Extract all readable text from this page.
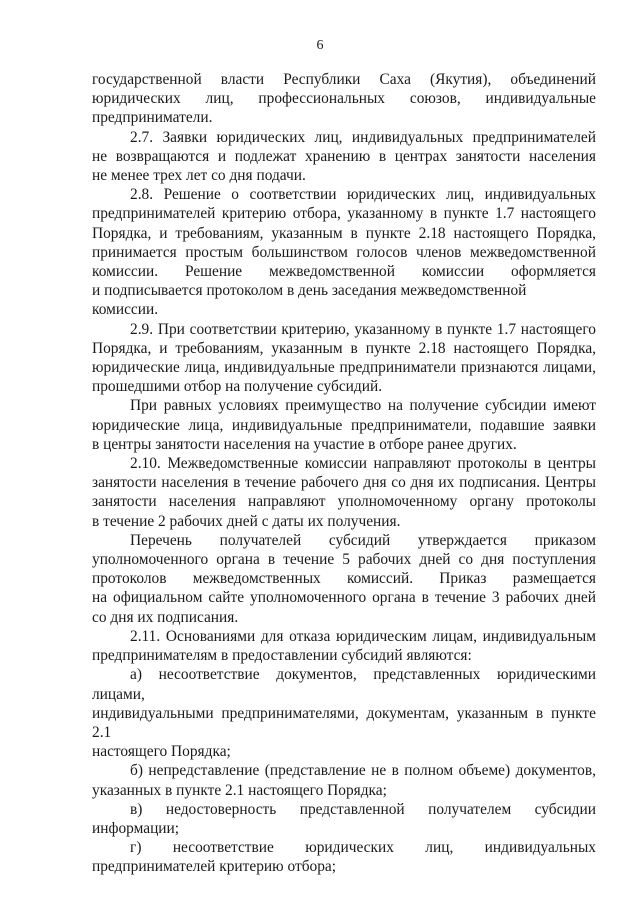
6

государственной власти Республики Саха (Якутия), объединений
юридических лиц, профессиональных союзов, индивидуальные
предприниматели.

2.7. Заявки юридических лиц, индивидуальных предпринимателей
не возвращаются и подлежат хранению в центрах занятости населения
не менее трех лет со дня подачи.

2.8. Решение о соответствии юридических лиц, индивидуальных
предпринимателей критерию отбора, указанному в пункте 1.7 настоящего
Порядка, и требованиям, указанным в пункте 2.18 настоящего Порядка,
принимается простым большинством голосов членов межведомственной
комиссии. Решение межведомственной комиссии оформляется
и подписывается протоколом в день заседания межведомственной комиссии.

2.9. При соответствии критерию, указанному в пункте 1.7 настоящего
Порядка, и требованиям, указанным в пункте 2.18 настоящего Порядка,
юридические лица, индивидуальные предприниматели признаются лицами,
прошедшими отбор на получение субсидий.

При равных условиях преимущество на получение субсидии имеют
юридические лица, индивидуальные предприниматели, подавшие заявки
в центры занятости населения на участие в отборе ранее других.

2.10. Межведомственные комиссии направляют протоколы в центры
занятости населения в течение рабочего дня со дня их подписания. Центры
занятости населения направляют уполномоченному органу протоколы
в течение 2 рабочих дней с даты их получения.

Перечень получателей субсидий утверждается приказом
уполномоченного органа в течение 5 рабочих дней со дня поступления
протоколов межведомственных комиссий. Приказ размещается
на официальном сайте уполномоченного органа в течение 3 рабочих дней
со дня их подписания.

2.11. Основаниями для отказа юридическим лицам, индивидуальным
предпринимателям в предоставлении субсидий являются:

а) несоответствие документов, представленных юридическими лицами,
индивидуальными предпринимателями, документам, указанным в пункте 2.1
настоящего Порядка;

б) непредставление (представление не в полном объеме) документов,
указанных в пункте 2.1 настоящего Порядка;

в) недостоверность представленной получателем субсидии
информации;

г) несоответствие юридических лиц, индивидуальных
предпринимателей критерию отбора;
